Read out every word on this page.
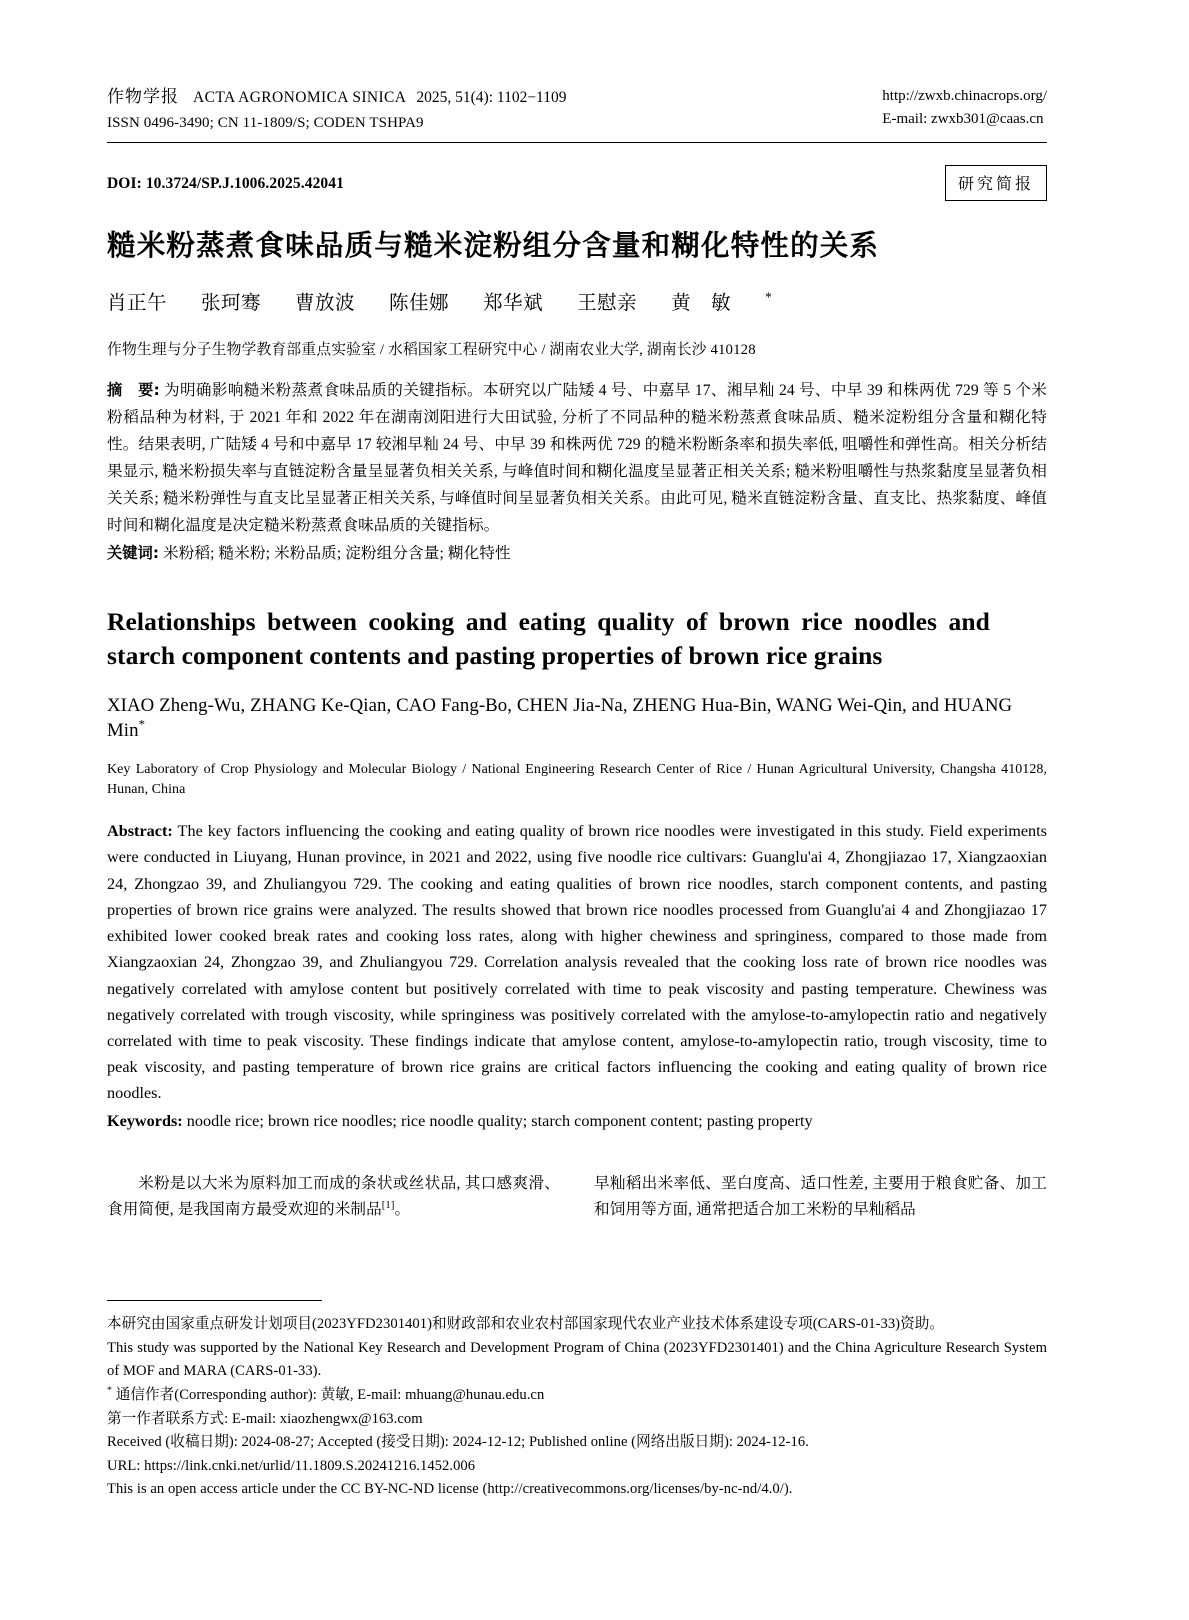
作物学报 ACTA AGRONOMICA SINICA 2025, 51(4): 1102−1109
ISSN 0496-3490; CN 11-1809/S; CODEN TSHPA9
http://zwxb.chinacrops.org/
E-mail: zwxb301@caas.cn
DOI: 10.3724/SP.J.1006.2025.42041	研究简报
糙米粉蒸煮食味品质与糙米淀粉组分含量和糊化特性的关系
肖正午 张珂骞 曹放波 陈佳娜 郑华斌 王慰亲 黄　敏	*
作物生理与分子生物学教育部重点实验室 / 水稻国家工程研究中心 / 湖南农业大学, 湖南长沙 410128
摘　要: 为明确影响糙米粉蒸煮食味品质的关键指标。本研究以广陆矮 4 号、中嘉早 17、湘早籼 24 号、中早 39 和株两优 729 等 5 个米粉稻品种为材料, 于 2021 年和 2022 年在湖南浏阳进行大田试验, 分析了不同品种的糙米粉蒸煮食味品质、糙米淀粉组分含量和糊化特性。结果表明, 广陆矮 4 号和中嘉早 17 较湘早籼 24 号、中早 39 和株两优 729 的糙米粉断条率和损失率低, 咀嚼性和弹性高。相关分析结果显示, 糙米粉损失率与直链淀粉含量呈显著负相关关系, 与峰值时间和糊化温度呈显著正相关关系; 糙米粉咀嚼性与热浆黏度呈显著负相关关系; 糙米粉弹性与直支比呈显著正相关关系, 与峰值时间呈显著负相关关系。由此可见, 糙米直链淀粉含量、直支比、热浆黏度、峰值时间和糊化温度是决定糙米粉蒸煮食味品质的关键指标。
关键词: 米粉稻; 糙米粉; 米粉品质; 淀粉组分含量; 糊化特性
Relationships between cooking and eating quality of brown rice noodles and
starch component contents and pasting properties of brown rice grains
XIAO Zheng-Wu, ZHANG Ke-Qian, CAO Fang-Bo, CHEN Jia-Na, ZHENG Hua-Bin, WANG Wei-Qin, and HUANG Min*
Key Laboratory of Crop Physiology and Molecular Biology / National Engineering Research Center of Rice / Hunan Agricultural University, Changsha 410128, Hunan, China
Abstract: The key factors influencing the cooking and eating quality of brown rice noodles were investigated in this study. Field experiments were conducted in Liuyang, Hunan province, in 2021 and 2022, using five noodle rice cultivars: Guanglu'ai 4, Zhongjiazao 17, Xiangzaoxian 24, Zhongzao 39, and Zhuliangyou 729. The cooking and eating qualities of brown rice noodles, starch component contents, and pasting properties of brown rice grains were analyzed. The results showed that brown rice noodles processed from Guanglu'ai 4 and Zhongjiazao 17 exhibited lower cooked break rates and cooking loss rates, along with higher chewiness and springiness, compared to those made from Xiangzaoxian 24, Zhongzao 39, and Zhuliangyou 729. Correlation analysis revealed that the cooking loss rate of brown rice noodles was negatively correlated with amylose content but positively correlated with time to peak viscosity and pasting temperature. Chewiness was negatively correlated with trough viscosity, while springiness was positively correlated with the amylose-to-amylopectin ratio and negatively correlated with time to peak viscosity. These findings indicate that amylose content, amylose-to-amylopectin ratio, trough viscosity, time to peak viscosity, and pasting temperature of brown rice grains are critical factors influencing the cooking and eating quality of brown rice noodles.
Keywords: noodle rice; brown rice noodles; rice noodle quality; starch component content; pasting property

米粉是以大米为原料加工而成的条状或丝状品, 其口感爽滑、食用简便, 是我国南方最受欢迎的米制品[1]。

早籼稻出米率低、垩白度高、适口性差, 主要用于粮食贮备、加工和饲用等方面, 通常把适合加工米粉的早籼稻品

本研究由国家重点研发计划项目(2023YFD2301401)和财政部和农业农村部国家现代农业产业技术体系建设专项(CARS-01-33)资助。
This study was supported by the National Key Research and Development Program of China (2023YFD2301401) and the China Agriculture Research System of MOF and MARA (CARS-01-33).
* 通信作者(Corresponding author): 黄敏, E-mail: mhuang@hunau.edu.cn
第一作者联系方式: E-mail: xiaozhengwx@163.com
Received (收稿日期): 2024-08-27; Accepted (接受日期): 2024-12-12; Published online (网络出版日期): 2024-12-16.
URL: https://link.cnki.net/urlid/11.1809.S.20241216.1452.006
This is an open access article under the CC BY-NC-ND license (http://creativecommons.org/licenses/by-nc-nd/4.0/).
